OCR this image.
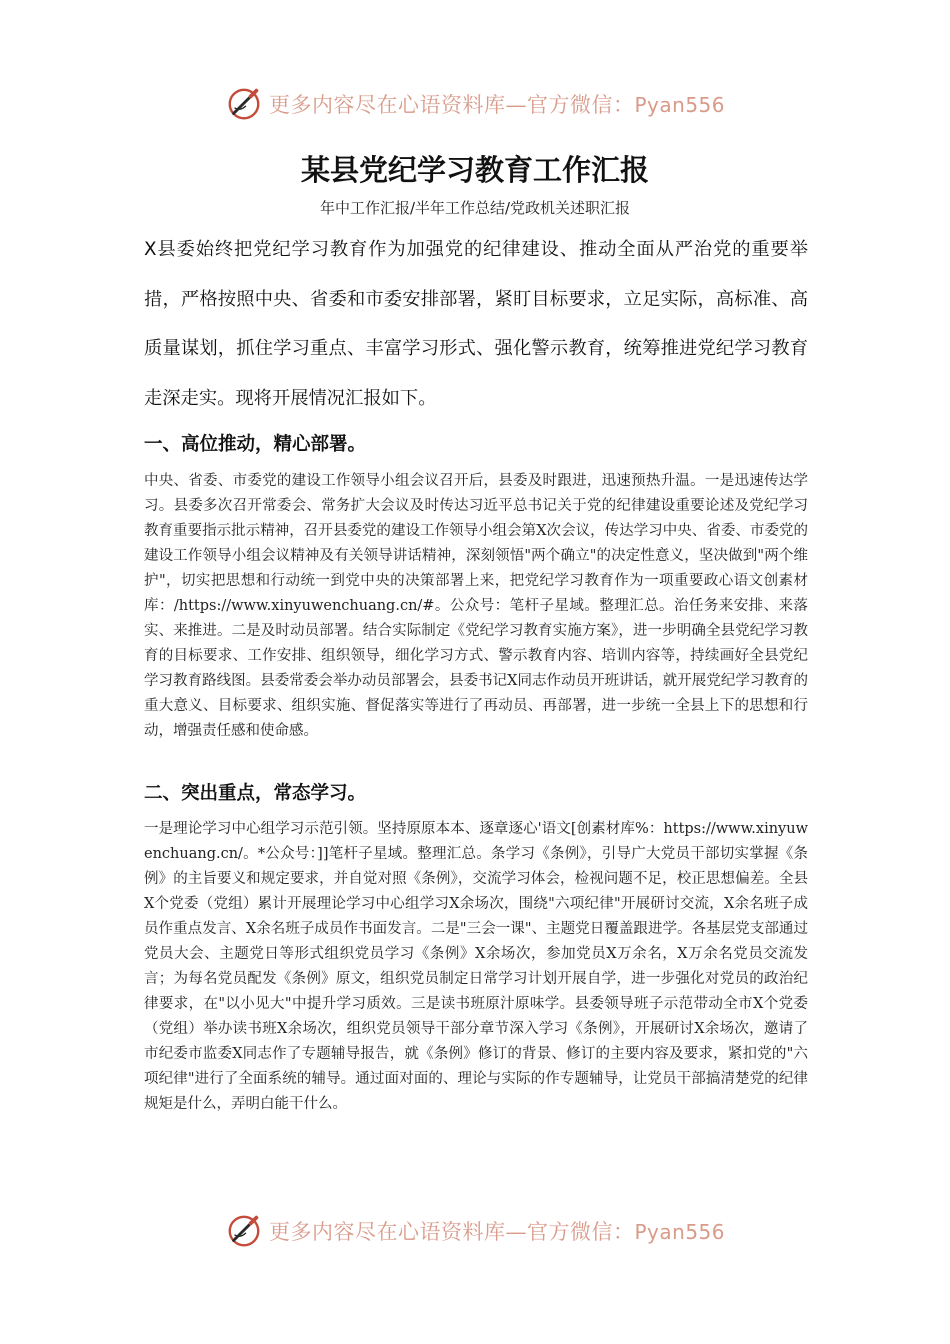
更多内容尽在心语资料库—官方微信：Pyan556
某县党纪学习教育工作汇报
年中工作汇报/半年工作总结/党政机关述职汇报

X县委始终把党纪学习教育作为加强党的纪律建设、推动全面从严治党的重要举措，严格按照中央、省委和市委安排部署，紧盯目标要求，立足实际，高标准、高质量谋划，抓住学习重点、丰富学习形式、强化警示教育，统筹推进党纪学习教育走深走实。现将开展情况汇报如下。

一、高位推动，精心部署。

中央、省委、市委党的建设工作领导小组会议召开后，县委及时跟进，迅速预热升温。一是迅速传达学习。县委多次召开常委会、常务扩大会议及时传达习近平总书记关于党的纪律建设重要论述及党纪学习教育重要指示批示精神，召开县委党的建设工作领导小组会第X次会议，传达学习中央、省委、市委党的建设工作领导小组会议精神及有关领导讲话精神，深刻领悟"两个确立"的决定性意义，坚决做到"两个维护"，切实把思想和行动统一到党中央的决策部署上来，把党纪学习教育作为一项重要政心语文创素材库：/https://www.xinyuwenchuang.cn/#。公众号：笔杆子星域。整理汇总。治任务来安排、来落实、来推进。二是及时动员部署。结合实际制定《党纪学习教育实施方案》，进一步明确全县党纪学习教育的目标要求、工作安排、组织领导，细化学习方式、警示教育内容、培训内容等，持续画好全县党纪学习教育路线图。县委常委会举办动员部署会，县委书记X同志作动员开班讲话，就开展党纪学习教育的重大意义、目标要求、组织实施、督促落实等进行了再动员、再部署，进一步统一全县上下的思想和行动，增强责任感和使命感。

二、突出重点，常态学习。

一是理论学习中心组学习示范引领。坚持原原本本、逐章逐心'语文[创素材库%：https://www.xinyuwenchuang.cn/。*公众号：]]笔杆子星域。整理汇总。条学习《条例》，引导广大党员干部切实掌握《条例》的主旨要义和规定要求，并自觉对照《条例》，交流学习体会，检视问题不足，校正思想偏差。全县X个党委（党组）累计开展理论学习中心组学习X余场次，围绕"六项纪律"开展研讨交流，X余名班子成员作重点发言、X余名班子成员作书面发言。二是"三会一课"、主题党日覆盖跟进学。各基层党支部通过党员大会、主题党日等形式组织党员学习《条例》X余场次，参加党员X万余名，X万余名党员交流发言；为每名党员配发《条例》原文，组织党员制定日常学习计划开展自学，进一步强化对党员的政治纪律要求，在"以小见大"中提升学习质效。三是读书班原汁原味学。县委领导班子示范带动全市X个党委（党组）举办读书班X余场次，组织党员领导干部分章节深入学习《条例》，开展研讨X余场次，邀请了市纪委市监委X同志作了专题辅导报告，就《条例》修订的背景、修订的主要内容及要求，紧扣党的"六项纪律"进行了全面系统的辅导。通过面对面的、理论与实际的作专题辅导，让党员干部搞清楚党的纪律规矩是什么，弄明白能干什么。

更多内容尽在心语资料库—官方微信：Pyan556
